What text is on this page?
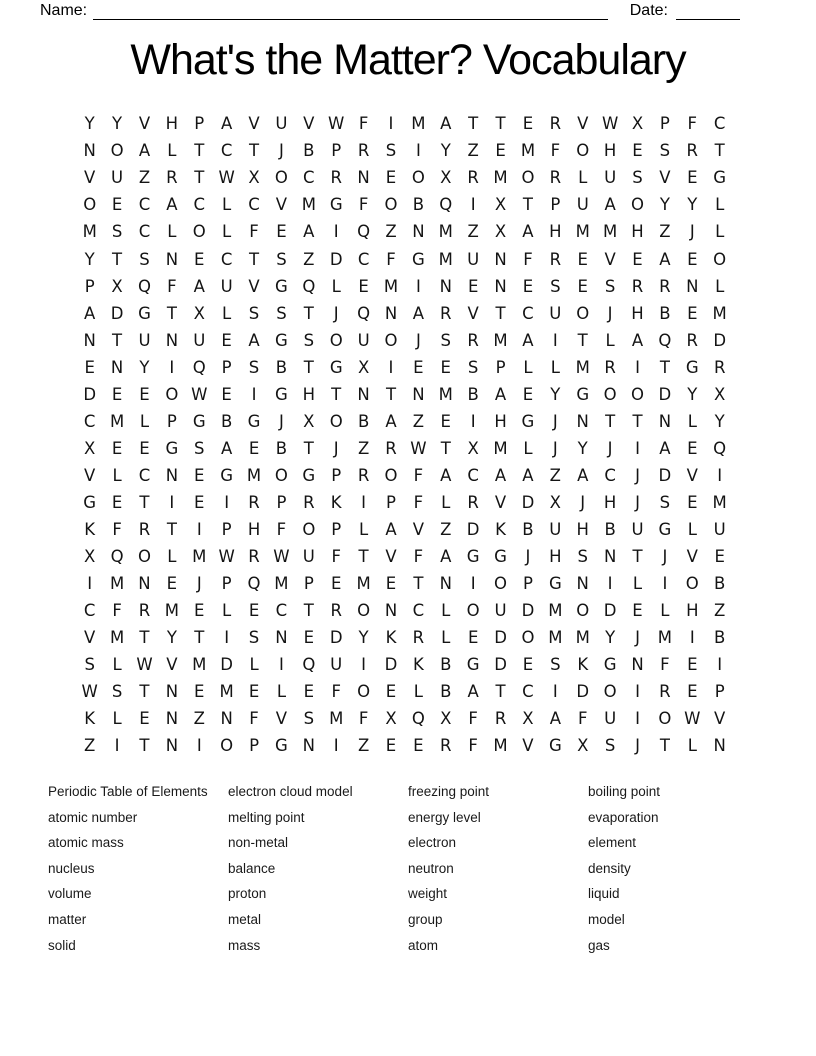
Name:	Date:
What's the Matter? Vocabulary
Y Y V H P A V U V W F I M A T T E R V W X P F C
N O A L T C T J B P R S I Y Z E M F O H E S R T
V U Z R T W X O C R N E O X R M O R L U S V E G
O E C A C L C V M G F O B Q I X T P U A O Y Y L
M S C L O L F E A I Q Z N M Z X A H M M H Z J L
Y T S N E C T S Z D C F G M U N F R E V E A E O
P X Q F A U V G Q L E M I N E N E S E S R R N L
A D G T X L S S T J Q N A R V T C U O J H B E M
N T U N U E A G S O U O J S R M A I T L A Q R D
E N Y I Q P S B T G X I E E S P L L M R I T G R
D E E O W E I G H T N T N M B A E Y G O O D Y X
C M L P G B G J X O B A Z E I H G J N T T N L Y
X E E G S A E B T J Z R W T X M L J Y J I A E Q
V L C N E G M O G P R O F A C A A Z A C J D V I
G E T I E I R P R K I P F L R V D X J H J S E M
K F R T I P H F O P L A V Z D K B U H B U G L U
X Q O L M W R W U F T V F A G G J H S N T J V E
I M N E J P Q M P E M E T N I O P G N I L I O B
C F R M E L E C T R O N C L O U D M O D E L H Z
V M T Y T I S N E D Y K R L E D O M M Y J M I B
S L W V M D L I Q U I D K B G D E S K G N F E I
W S T N E M E L E F O E L B A T C I D O I R E P
K L E N Z N F V S M F X Q X F R X A F U I O W V
Z I T N I O P G N I Z E E R F M V G X S J T L N
Periodic Table of Elements
atomic number
atomic mass
nucleus
volume
matter
solid
electron cloud model
melting point
non-metal
balance
proton
metal
mass
freezing point
energy level
electron
neutron
weight
group
atom
boiling point
evaporation
element
density
liquid
model
gas
